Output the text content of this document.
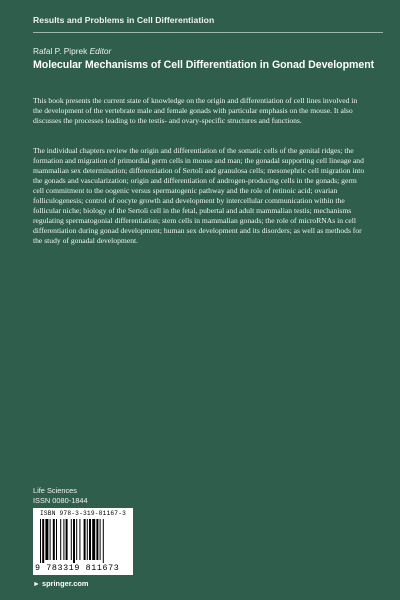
Results and Problems in Cell Differentiation
Rafal P. Piprek Editor
Molecular Mechanisms of Cell Differentiation in Gonad Development

This book presents the current state of knowledge on the origin and differentiation of cell lines involved in the development of the vertebrate male and female gonads with particular emphasis on the mouse. It also discusses the processes leading to the testis- and ovary-specific structures and functions.

The individual chapters review the origin and differentiation of the somatic cells of the genital ridges; the formation and migration of primordial germ cells in mouse and man; the gonadal supporting cell lineage and mammalian sex determination; differentiation of Sertoli and granulosa cells; mesonephric cell migration into the gonads and vascularization; origin and differentiation of androgen-producing cells in the gonads; germ cell commitment to the oogenic versus spermatogenic pathway and the role of retinoic acid; ovarian folliculogenesis; control of oocyte growth and development by intercellular communication within the follicular niche; biology of the Sertoli cell in the fetal, pubertal and adult mammalian testis; mechanisms regulating spermatogonial differentiation; stem cells in mammalian gonads; the role of microRNAs in cell differentiation during gonad development; human sex development and its disorders; as well as methods for the study of gonadal development.

Life Sciences
ISSN 0080-1844
ISBN 978-3-319-81167-3
9 783319 811673
► springer.com
